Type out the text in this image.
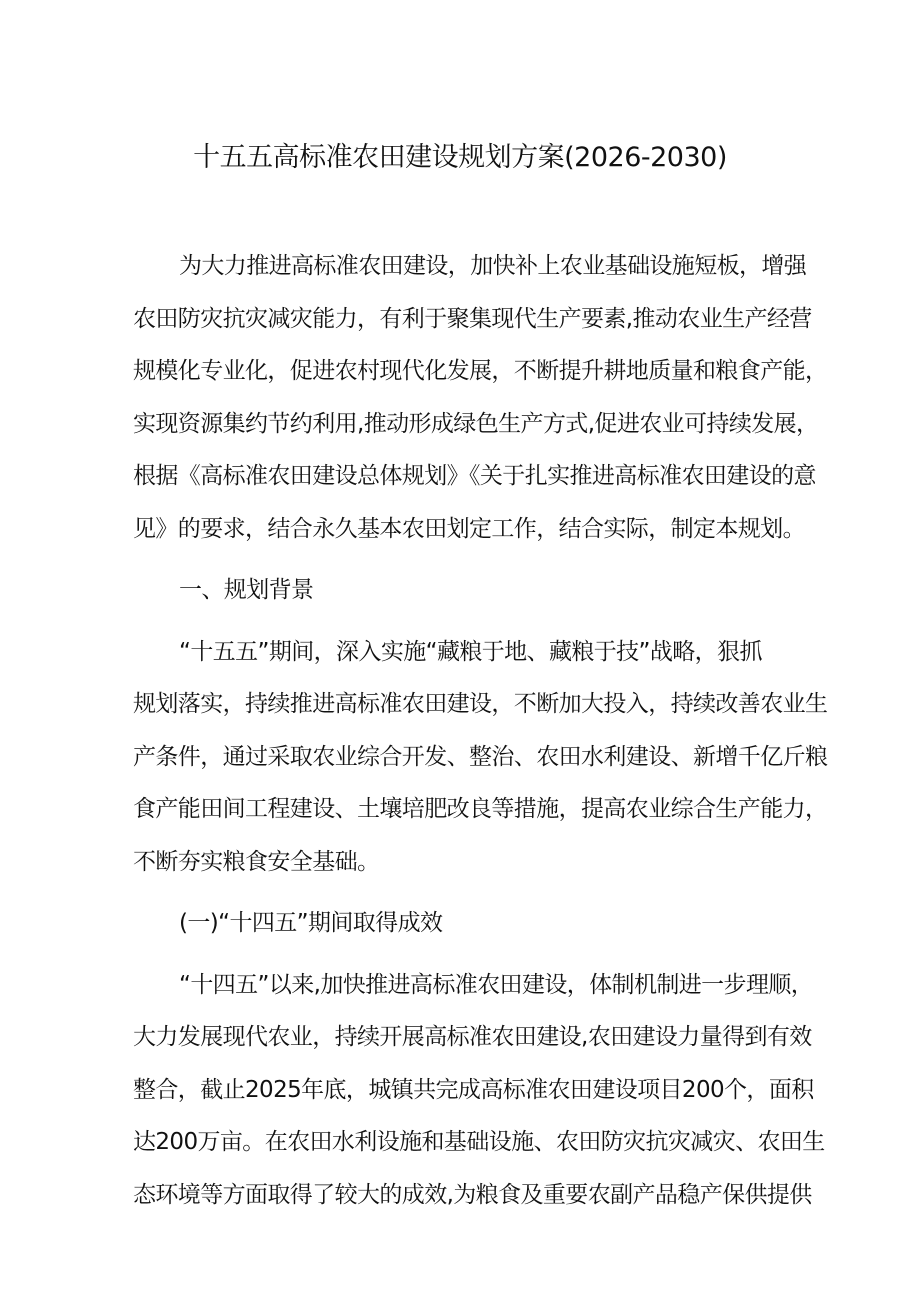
十五五高标准农田建设规划方案(2026-2030)
为大力推进高标准农田建设，加快补上农业基础设施短板，增强
农田防灾抗灾减灾能力，有利于聚集现代生产要素,推动农业生产经营
规模化专业化，促进农村现代化发展，不断提升耕地质量和粮食产能，
实现资源集约节约利用,推动形成绿色生产方式,促进农业可持续发展，
根据《高标准农田建设总体规划》《关于扎实推进高标准农田建设的意
见》的要求，结合永久基本农田划定工作，结合实际，制定本规划。
一、规划背景
“十五五”期间，深入实施“藏粮于地、藏粮于技”战略，狠抓
规划落实，持续推进高标准农田建设，不断加大投入，持续改善农业生
产条件，通过采取农业综合开发、整治、农田水利建设、新增千亿斤粮
食产能田间工程建设、土壤培肥改良等措施，提高农业综合生产能力，
不断夯实粮食安全基础。
(一)“十四五”期间取得成效
“十四五”以来,加快推进高标准农田建设，体制机制进一步理顺，
大力发展现代农业，持续开展高标准农田建设,农田建设力量得到有效
整合，截止2025年底，城镇共完成高标准农田建设项目200个，面积
达200万亩。在农田水利设施和基础设施、农田防灾抗灾减灾、农田生
态环境等方面取得了较大的成效,为粮食及重要农副产品稳产保供提供
